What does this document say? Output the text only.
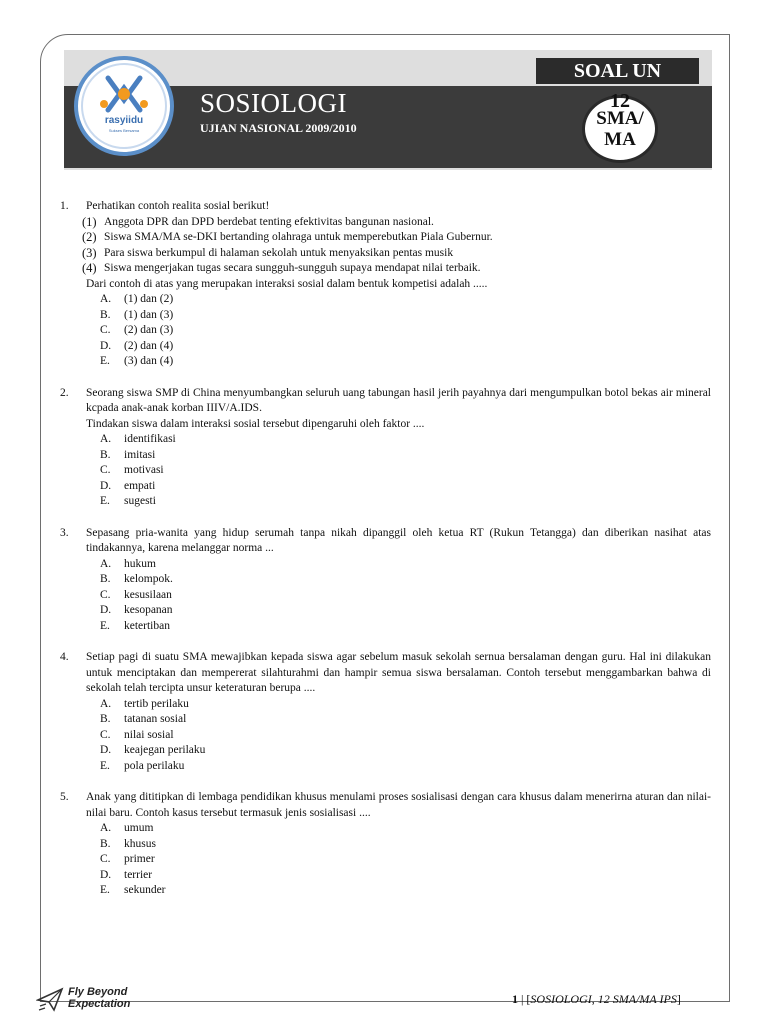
SOAL UN
rasyiidu
Sukses Bersama
SOSIOLOGI
UJIAN NASIONAL 2009/2010
12
SMA/
MA
1.	Perhatikan contoh realita sosial berikut!
(1) Anggota DPR dan DPD berdebat tenting efektivitas bangunan nasional.
(2) Siswa SMA/MA se-DKI bertanding olahraga untuk memperebutkan Piala Gubernur.
(3) Para siswa berkumpul di halaman sekolah untuk menyaksikan pentas musik
(4) Siswa mengerjakan tugas secara sungguh-sungguh supaya mendapat nilai terbaik.
Dari contoh di atas yang merupakan interaksi sosial dalam bentuk kompetisi adalah .....
A.	(1) dan (2)
B.	(1) dan (3)
C.	(2) dan (3)
D.	(2) dan (4)
E.	(3) dan (4)
2.	Seorang siswa SMP di China menyumbangkan seluruh uang tabungan hasil jerih payahnya dari mengumpulkan botol bekas air mineral kcpada anak-anak korban IIIV/A.IDS.
Tindakan siswa dalam interaksi sosial tersebut dipengaruhi oleh faktor ....
A.	identifikasi
B.	imitasi
C.	motivasi
D.	empati
E.	sugesti
3.	Sepasang pria-wanita yang hidup serumah tanpa nikah dipanggil oleh ketua RT (Rukun Tetangga) dan diberikan nasihat atas tindakannya, karena melanggar norma ...
A.	hukum
B.	kelompok.
C.	kesusilaan
D.	kesopanan
E.	ketertiban
4.	Setiap pagi di suatu SMA mewajibkan kepada siswa agar sebelum masuk sekolah sernua bersalaman dengan guru. Hal ini dilakukan untuk menciptakan dan mempererat silahturahmi dan hampir semua siswa bersalaman. Contoh tersebut menggambarkan bahwa di sekolah telah tercipta unsur keteraturan berupa ....
A.	tertib perilaku
B.	tatanan sosial
C.	nilai sosial
D.	keajegan perilaku
E.	pola perilaku
5.	Anak yang dititipkan di lembaga pendidikan khusus menulami proses sosialisasi dengan cara khusus dalam menerirna aturan dan nilai-nilai baru. Contoh kasus tersebut termasuk jenis sosialisasi ....
A.	umum
B.	khusus
C.	primer
D.	terrier
E.	sekunder
Fly Beyond
Expectation	1 | [SOSIOLOGI, 12 SMA/MA IPS]
